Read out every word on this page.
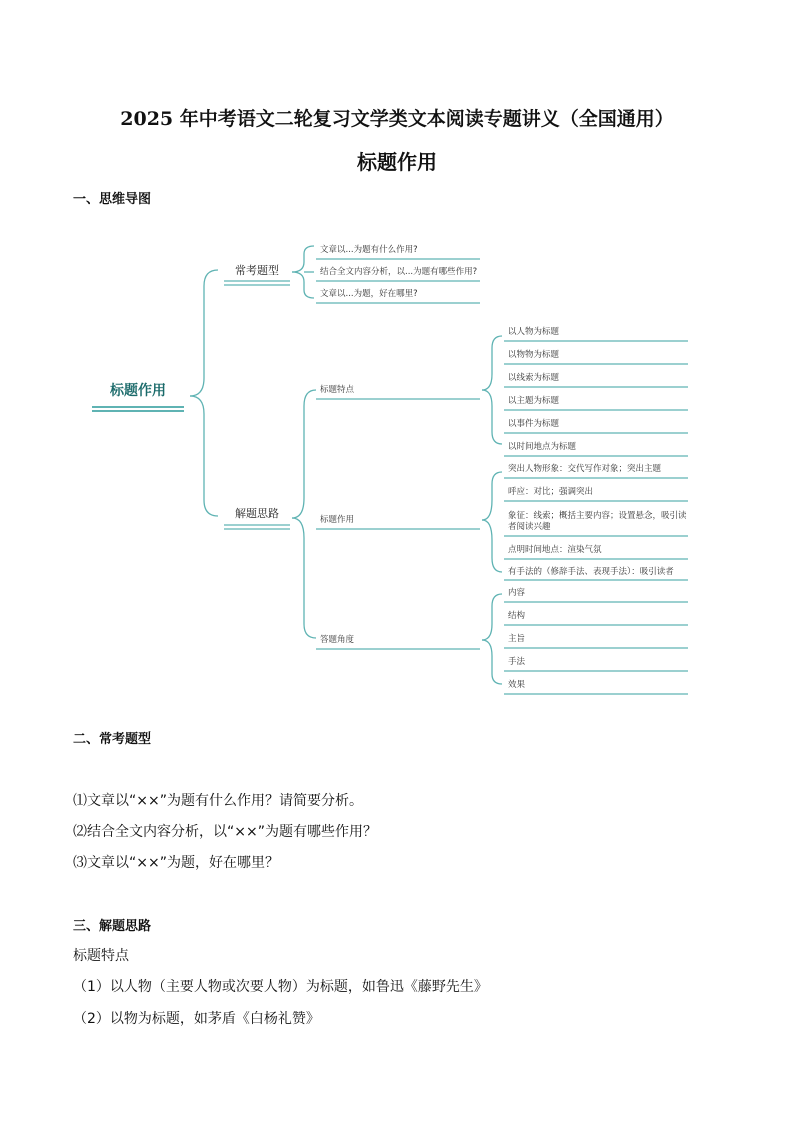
2025 年中考语文二轮复习文学类文本阅读专题讲义（全国通用）
标题作用
一、思维导图
标题作用
常考题型
解题思路
文章以...为题有什么作用?
结合全文内容分析，以...为题有哪些作用?
文章以...为题，好在哪里?
标题特点
标题作用
答题角度
以人物为标题
以物物为标题
以线索为标题
以主题为标题
以事件为标题
以时间地点为标题
突出人物形象：交代写作对象；突出主题
呼应：对比；强调突出
象征：线索；概括主要内容；设置悬念，吸引读
者阅读兴趣
点明时间地点：渲染气氛
有手法的（修辞手法、表现手法）：吸引读者
内容
结构
主旨
手法
效果
二、常考题型
⑴文章以“××”为题有什么作用？请简要分析。
⑵结合全文内容分析，以“××”为题有哪些作用？
⑶文章以“××”为题，好在哪里？
三、解题思路
标题特点
（1）以人物（主要人物或次要人物）为标题，如鲁迅《藤野先生》
（2）以物为标题，如茅盾《白杨礼赞》
